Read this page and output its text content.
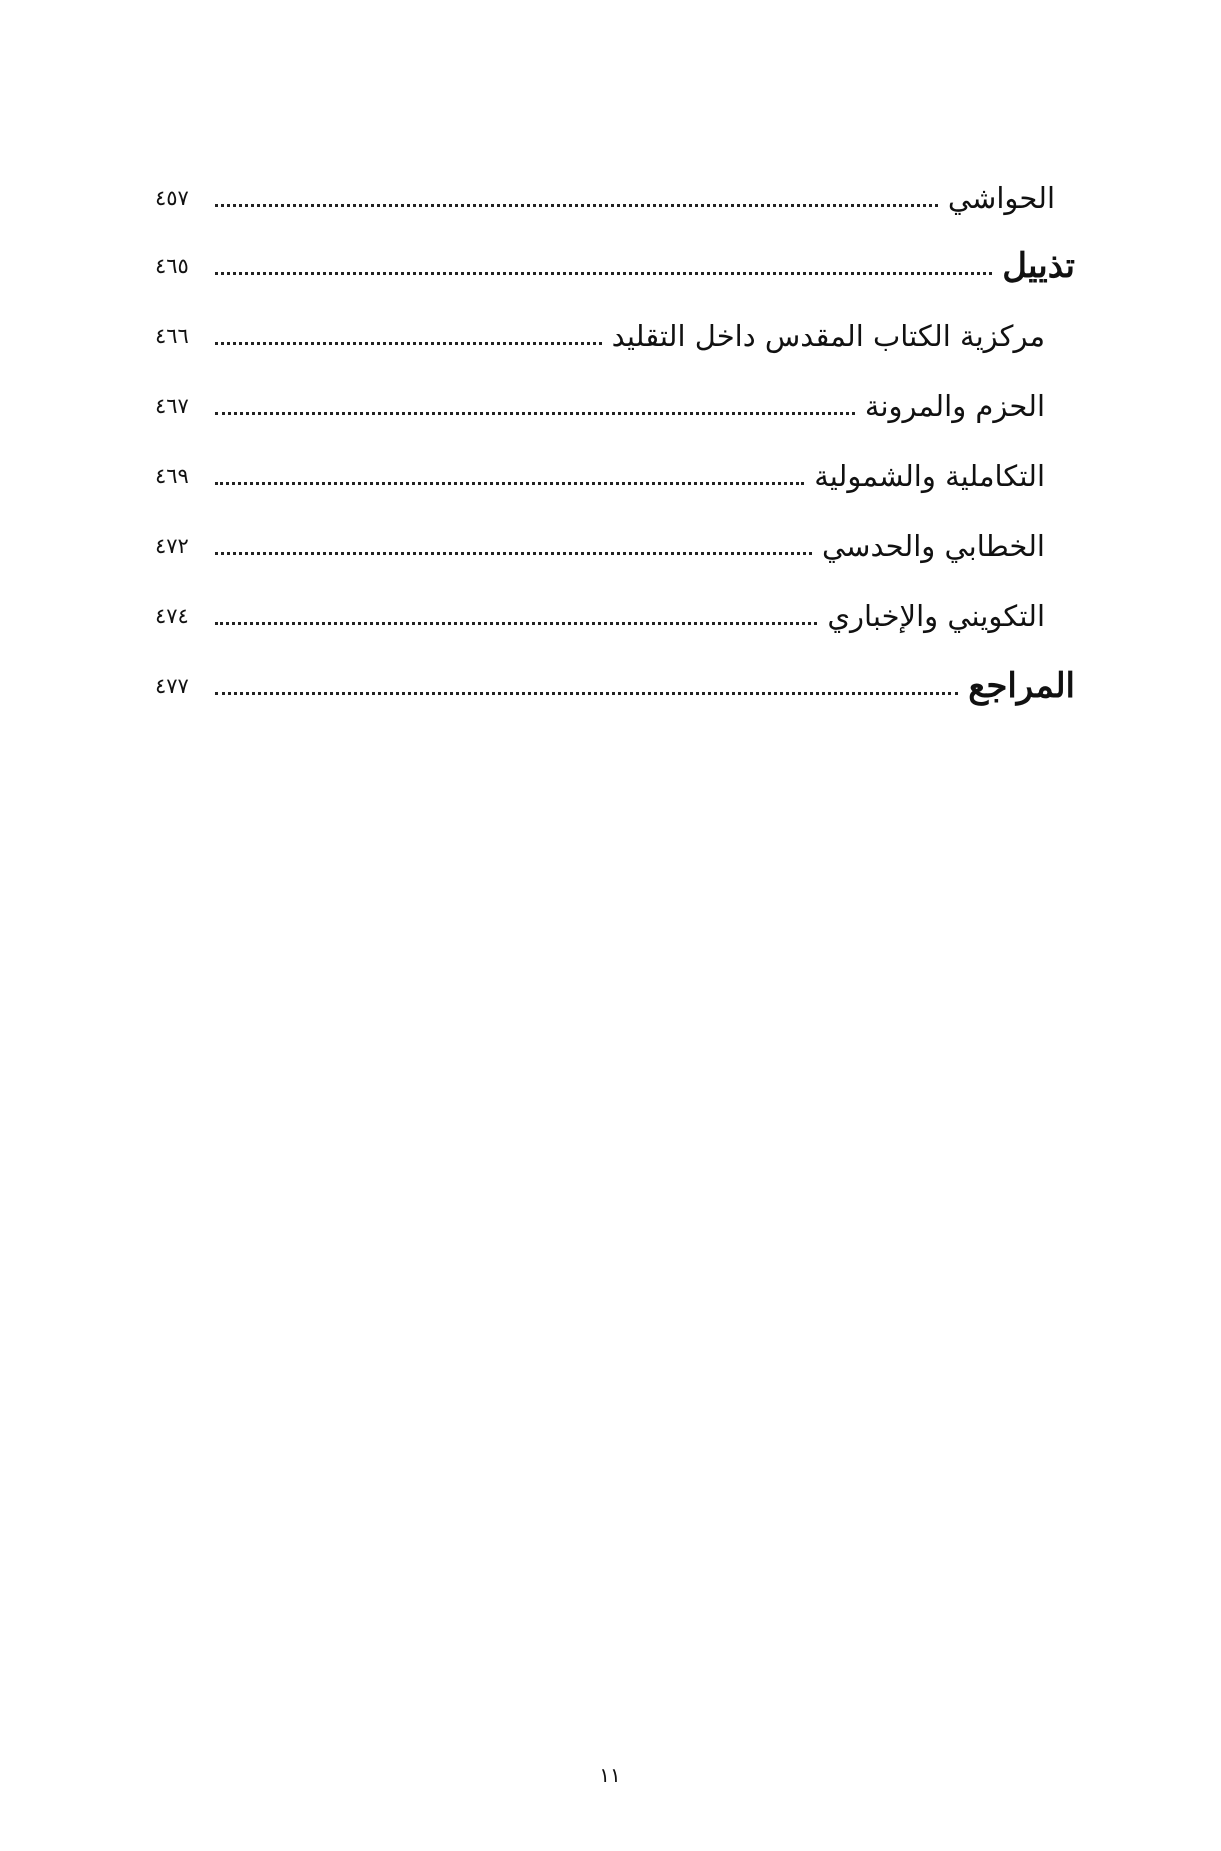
الحواشي
٤٥٧
تذييل
٤٦٥
مركزية الكتاب المقدس داخل التقليد
٤٦٦
الحزم والمرونة
٤٦٧
التكاملية والشمولية
٤٦٩
الخطابي والحدسي
٤٧٢
التكويني والإخباري
٤٧٤
المراجع
٤٧٧
١١
